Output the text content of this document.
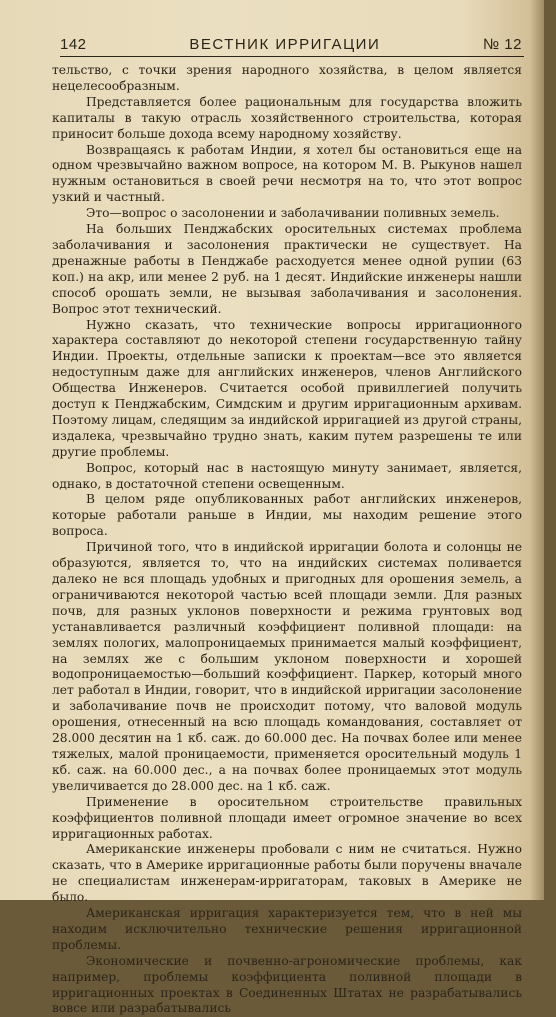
142	ВЕСТНИК ИРРИГАЦИИ	№ 12

тельство, с точки зрения народного хозяйства, в целом является нецелесообразным.

Представляется более рациональным для государства вложить капиталы в такую отрасль хозяйственного строительства, которая приносит больше дохода всему народному хозяйству.

Возвращаясь к работам Индии, я хотел бы остановиться еще на одном чрезвычайно важном вопросе, на котором М. В. Рыкунов нашел нужным остановиться в своей речи несмотря на то, что этот вопрос узкий и частный.

Это—вопрос о засолонении и заболачивании поливных земель.

На больших Пенджабских оросительных системах пр⁠о⁠блема заболачивания и засолонения практически не существует. На дренажные работы в Пенджабе расходуется менее одной рупии (63 коп.) на акр, или менее 2 руб. на 1 десят. Индийские инженеры нашли способ орошать земли, не вызывая заболачивания и засолонения. Вопрос этот технический.

Нужно сказать, что технические вопросы ирригационного характера составляют до некоторой степени государственную тайну Индии. Проекты, отдельные записки к проектам—все это является недоступным даже для английских инженеров, членов Английского Общества Инженеров. Считается особой привиллегией получить доступ к Пенджабским, Симдским и другим ирригационным архивам. Поэтому лицам, следящим за индийской ирригацией из другой страны, издалека, чрезвычайно трудно знать, каким путем разрешены те или другие проблемы.

Вопрос, который нас в настоящую минуту занимает, является, однако, в достаточной степени освещенным.

В целом ряде опубликованных работ английских инженеров, которые работали раньше в Индии, мы находим решение этого вопроса.

Причиной того, что в индийской ирригации болота и солонцы не образуются, является то, что на индийских системах поливается далеко не вся площадь удобных и пригодных для орошения земель, а ограничиваются некоторой частью всей площади земли. Для разных почв, для разных уклонов поверхности и режима грунтовых вод устанавливается различный коэффициент поливной площади: на землях пологих, малопроницаемых принимается малый коэффициент, на землях же с большим уклоном поверхности и хорошей водопроницаемостью—больший коэффициент. Паркер, который много лет работал в Индии, говорит, что в индийской ирригации засолонение и заболачивание почв не происходит потому, что валовой модуль орошения, отнесенный на всю площадь командования, составляет от 28.000 десятин на 1 кб. саж. до 60.000 дес. На почвах более или менее тяжелых, малой проницаемости, применяется оросительный модуль 1 кб. саж. на 60.000 дес., а на почвах более проницаемых этот модуль увеличивается до 28.000 дес. на 1 кб. саж.

Применение в оросительном строительстве правильных коэффициентов поливной площади имеет огромное значение во всех ирригационных работах.

Американские инженеры пробовали с ним не считаться. Нужно сказать, что в Америке ирригационные работы были поручены вначале не специалистам инженерам-ирригаторам, таковых в Америке не было.

Американская ирригация характеризуется тем, что в ней мы находим исключительно технические решения ирригационной проблемы.

Экономические и почвенно-агрономические проблемы, как например, проблемы коэффициента поливной площади в ирригационных проектах в Соединенных Штатах не разрабатывались вовсе или разрабатывались
